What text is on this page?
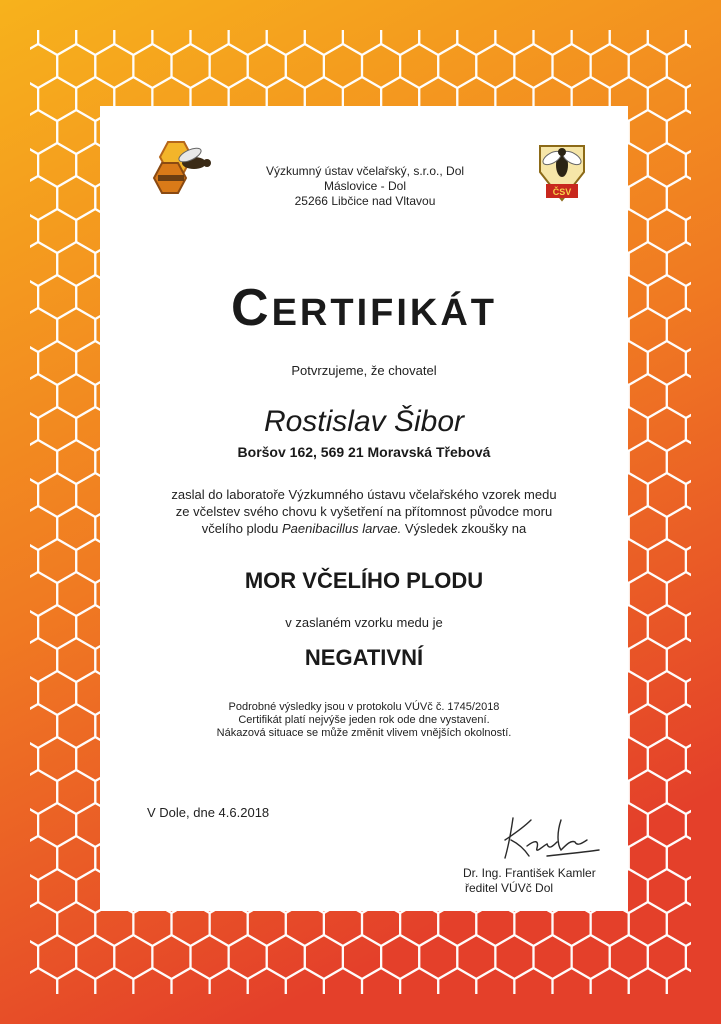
ČSV
Výzkumný ústav včelařský, s.r.o., Dol
Máslovice - Dol
25266 Libčice nad Vltavou
CERTIFIKÁT
Potvrzujeme, že chovatel
Rostislav Šibor
Boršov 162, 569 21 Moravská Třebová
zaslal do laboratoře Výzkumného ústavu včelařského vzorek medu
ze včelstev svého chovu k vyšetření na přítomnost původce moru
včelího plodu Paenibacillus larvae. Výsledek zkoušky na
MOR VČELÍHO PLODU
v zaslaném vzorku medu je
NEGATIVNÍ
Podrobné výsledky jsou v protokolu VÚVč č. 1745/2018
Certifikát platí nejvýše jeden rok ode dne vystavení.
Nákazová situace se může změnit vlivem vnějších okolností.
V Dole, dne 4.6.2018
Dr. Ing. František Kamler
ředitel VÚVč Dol
